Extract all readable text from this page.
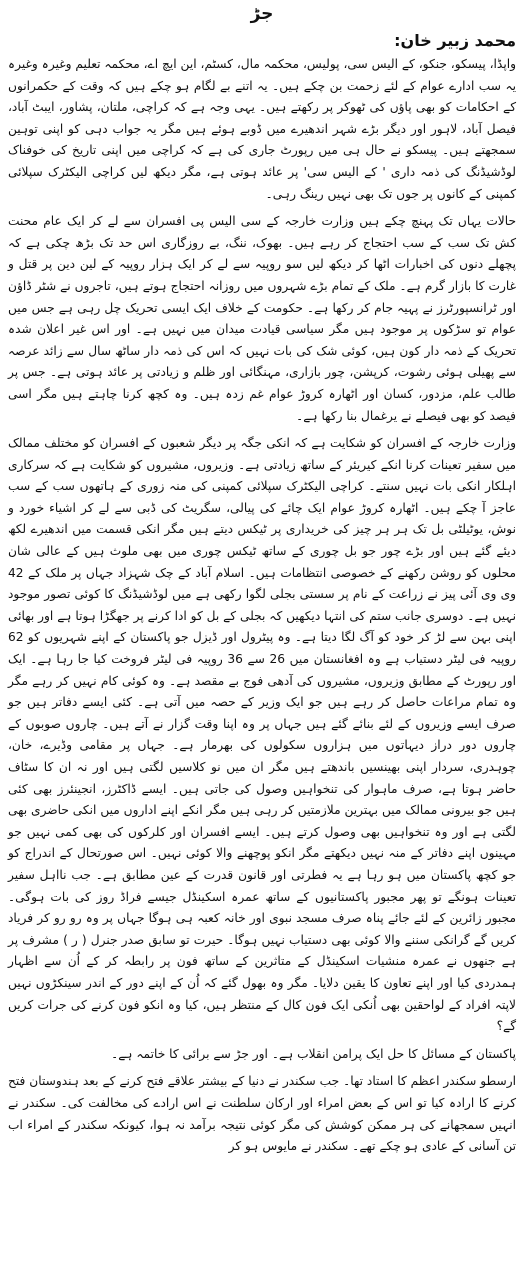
جڑ
محمد زبیر خان:

واپڈا، پیسکو، جنکو، کے الیس سی، پولیس، محکمہ مال، کسٹم، این ایچ اے، محکمہ تعلیم وغیرہ وغیرہ یہ سب ادارے عوام کے لئے زحمت بن چکے ہیں۔ یہ اتنے بے لگام ہو چکے ہیں کہ وقت کے حکمرانوں کے احکامات کو بھی پاؤں کی ٹھوکر پر رکھتے ہیں۔ یہی وجہ ہے کہ کراچی، ملتان، پشاور، ایبٹ آباد، فیصل آباد، لاہور اور دیگر بڑے شہر اندھیرے میں ڈوبے ہوئے ہیں مگر یہ جواب دہی کو اپنی توہین سمجھتے ہیں۔ پیسکو نے حال ہی میں رپورٹ جاری کی ہے کہ کراچی میں اپنی تاریخ کی خوفناک لوڈشیڈنگ کی ذمہ داری ' کے الیس سی' پر عائد ہوتی ہے، مگر دیکھ لیں کراچی الیکٹرک سپلائی کمپنی کے کانوں پر جوں تک بھی نہیں رینگ رہی۔

حالات یہاں تک پہنچ چکے ہیں وزارت خارجہ کے سی الیس پی افسران سے لے کر ایک عام محنت کش تک سب کے سب احتجاج کر رہے ہیں۔ بھوک، ننگ، بے روزگاری اس حد تک بڑھ چکی ہے کہ پچھلے دنوں کی اخبارات اٹھا کر دیکھ لیں سو روپیہ سے لے کر ایک ہزار روپیہ کے لین دین پر قتل و غارت کا بازار گرم ہے۔ ملک کے تمام بڑے شہروں میں روزانہ احتجاج ہوتے ہیں، تاجروں نے شٹر ڈاؤن اور ٹرانسپورٹرز نے پہیہ جام کر رکھا ہے۔ حکومت کے خلاف ایک ایسی تحریک چل رہی ہے جس میں عوام تو سڑکوں پر موجود ہیں مگر سیاسی قیادت میدان میں نہیں ہے۔ اور اس غیر اعلان شدہ تحریک کے ذمہ دار کون ہیں، کوئی شک کی بات نہیں کہ اس کی ذمہ دار ساٹھ سال سے زائد عرصہ سے پھیلی ہوئی رشوت، کرپشن، چور بازاری، مہنگائی اور ظلم و زیادتی پر عائد ہوتی ہے۔ جس پر طالب علم، مزدور، کسان اور اٹھارہ کروڑ عوام غم زدہ ہیں۔ وہ کچھ کرنا چاہتے ہیں مگر اسی فیصد کو بھی فیصلے نے یرغمال بنا رکھا ہے۔

وزارت خارجہ کے افسران کو شکایت ہے کہ انکی جگہ پر دیگر شعبوں کے افسران کو مختلف ممالک میں سفیر تعینات کرنا انکے کیریئر کے ساتھ زیادتی ہے۔ وزیروں، مشیروں کو شکایت ہے کہ سرکاری اہلکار انکی بات نہیں سنتے۔ کراچی الیکٹرک سپلائی کمپنی کی منہ زوری کے ہاتھوں سب کے سب عاجز آ چکے ہیں۔ اٹھارہ کروڑ عوام ایک چائے کی پیالی، سگریٹ کی ڈبی سے لے کر اشیاء خورد و نوش، یوٹیلٹی بل تک ہر ہر چیز کی خریداری پر ٹیکس دیتے ہیں مگر انکی قسمت میں اندھیرے لکھ دیئے گئے ہیں اور بڑے چور جو بل چوری کے ساتھ ٹیکس چوری میں بھی ملوث ہیں کے عالی شان محلوں کو روشن رکھنے کے خصوصی انتظامات ہیں۔ اسلام آباد کے چک شہزاد جہاں پر ملک کے 42 وی وی آئی پیز نے زراعت کے نام پر سستی بجلی لگوا رکھی ہے میں لوڈشیڈنگ کا کوئی تصور موجود نہیں ہے۔ دوسری جانب ستم کی انتہا دیکھیں کہ بجلی کے بل کو ادا کرنے پر جھگڑا ہوتا ہے اور بھائی اپنی بہن سے لڑ کر خود کو آگ لگا دیتا ہے۔ وہ پیٹرول اور ڈیزل جو پاکستان کے اپنے شہریوں کو 62 روپیہ فی لیٹر دستیاب ہے وہ افغانستان میں 26 سے 36 روپیہ فی لیٹر فروخت کیا جا رہا ہے۔ ایک اور رپورٹ کے مطابق وزیروں، مشیروں کی آدھی فوج بے مقصد ہے۔ وہ کوئی کام نہیں کر رہے مگر وہ تمام مراعات حاصل کر رہے ہیں جو ایک وزیر کے حصہ میں آتی ہے۔ کئی ایسے دفاتر ہیں جو صرف ایسے وزیروں کے لئے بنائے گئے ہیں جہاں پر وہ اپنا وقت گزار نے آتے ہیں۔ چاروں صوبوں کے چاروں دور دراز دیہاتوں میں ہزاروں سکولوں کی بھرمار ہے۔ جہاں پر مقامی وڈیرے، خان، چوہدری، سردار اپنی بھینسیں باندھتے ہیں مگر ان میں نو کلاسیں لگتی ہیں اور نہ ان کا سٹاف حاضر ہوتا ہے، صرف ماہوار کی تنخواہیں وصول کی جاتی ہیں۔ ایسے ڈاکٹرز، انجینئرز بھی کئی ہیں جو بیرونی ممالک میں بہترین ملازمتیں کر رہی ہیں مگر انکے اپنے اداروں میں انکی حاضری بھی لگتی ہے اور وہ تنخواہیں بھی وصول کرتے ہیں۔ ایسے افسران اور کلرکوں کی بھی کمی نہیں جو مہینوں اپنے دفاتر کے منہ نہیں دیکھتے مگر انکو پوچھنے والا کوئی نہیں۔ اس صورتحال کے اندراج کو جو کچھ پاکستان میں ہو رہا ہے یہ فطرتی اور قانون قدرت کے عین مطابق ہے۔ جب نااہل سفیر تعینات ہونگے تو پھر مجبور پاکستانیوں کے ساتھ عمرہ اسکینڈل جیسے فراڈ روز کی بات ہوگی۔ مجبور زائرین کے لئے جائے پناہ صرف مسجد نبوی اور خانہ کعبہ ہی ہوگا جہاں پر وہ رو رو کر فریاد کریں گے گرانکی سننے والا کوئی بھی دستیاب نہیں ہوگا۔ حیرت تو سابق صدر جنرل ( ر ) مشرف پر ہے جنھوں نے عمرہ منشیات اسکینڈل کے متاثرین کے ساتھ فون پر رابطہ کر کے اُن سے اظہار ہمدردی کیا اور اپنے تعاون کا یقین دلایا۔ مگر وہ بھول گئے کہ اُن کے اپنے دور کے اندر سینکڑوں نہیں لاپتہ افراد کے لواحقین بھی اُنکی ایک فون کال کے منتظر ہیں، کیا وہ انکو فون کرنے کی جرات کریں گے؟

پاکستان کے مسائل کا حل ایک پرامن انقلاب ہے۔ اور جڑ سے برائی کا خاتمہ ہے۔

ارسطو سکندر اعظم کا استاد تھا۔ جب سکندر نے دنیا کے بیشتر علاقے فتح کرنے کے بعد ہندوستان فتح کرنے کا ارادہ کیا تو اس کے بعض امراء اور ارکان سلطنت نے اس ارادے کی مخالفت کی۔ سکندر نے انہیں سمجھانے کی ہر ممکن کوشش کی مگر کوئی نتیجہ برآمد نہ ہوا، کیونکہ سکندر کے امراء اب تن آسانی کے عادی ہو چکے تھے۔ سکندر نے مایوس ہو کر
